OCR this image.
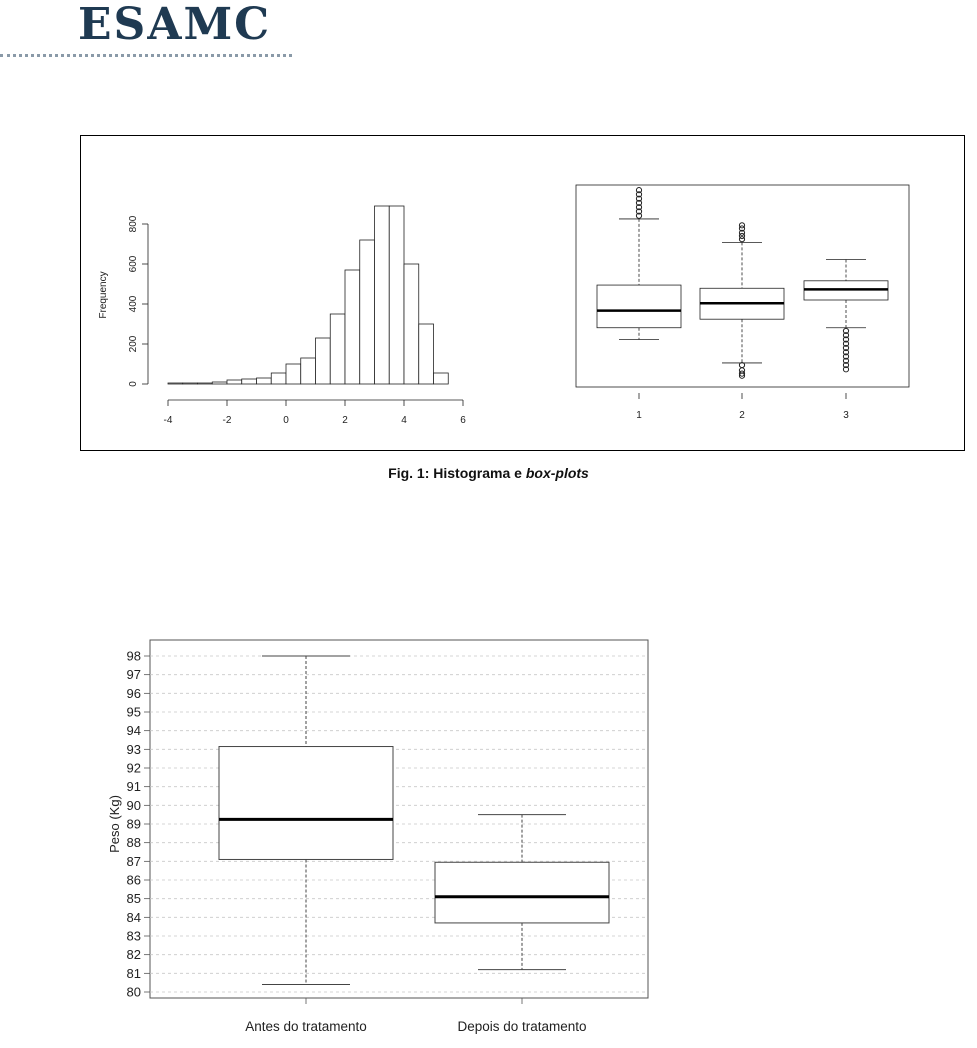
ESAMC
-4	-2	0	2	4	6
0
200
400
600
800
Frequency
1	2	3
Fig. 1: Histograma e box-plots
80
81
82
83
84
85
86
87
88
89
90
91
92
93
94
95
96
97
98
Peso (Kg)
Antes do tratamento	Depois do tratamento
